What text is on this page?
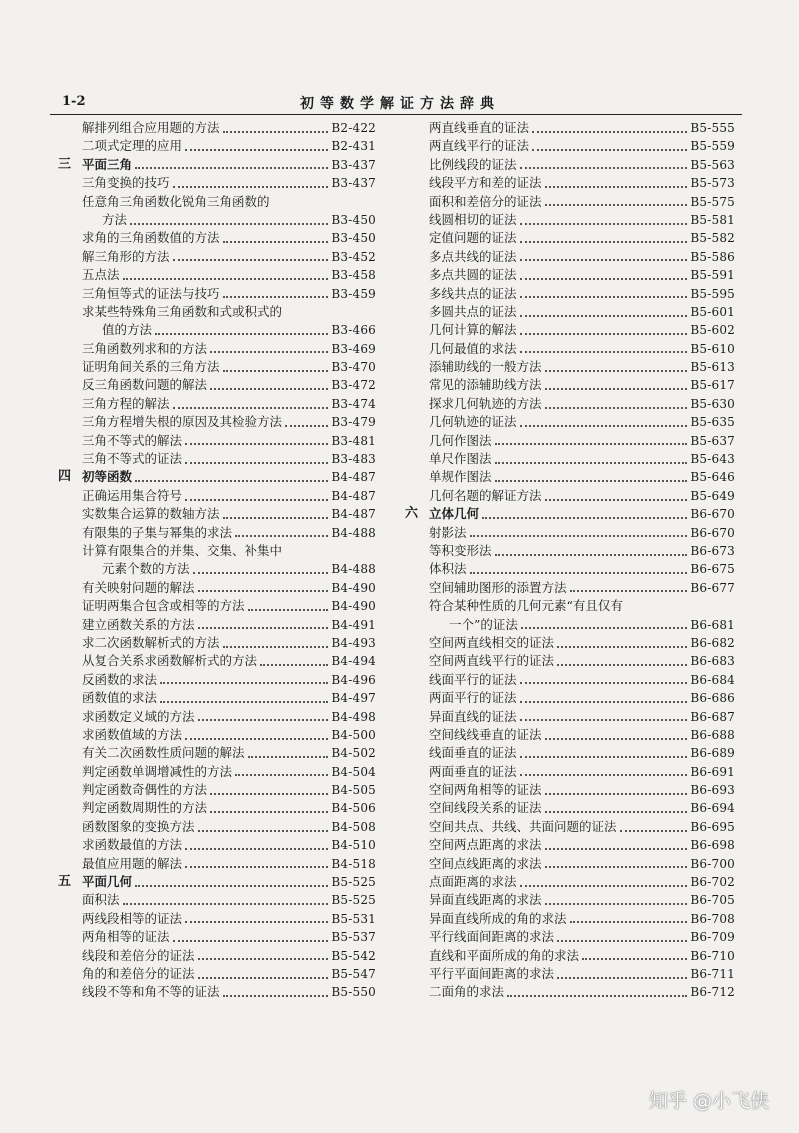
1-2	初等数学解证方法辞典
解排列组合应用题的方法	B2-422
二项式定理的应用	B2-431
三 平面三角	B3-437
三角变换的技巧	B3-437
任意角三角函数化锐角三角函数的
方法	B3-450
求角的三角函数值的方法	B3-450
解三角形的方法	B3-452
五点法	B3-458
三角恒等式的证法与技巧	B3-459
求某些特殊角三角函数和式或积式的
值的方法	B3-466
三角函数列求和的方法	B3-469
证明角间关系的三角方法	B3-470
反三角函数问题的解法	B3-472
三角方程的解法	B3-474
三角方程增失根的原因及其检验方法	B3-479
三角不等式的解法	B3-481
三角不等式的证法	B3-483
四 初等函数	B4-487
正确运用集合符号	B4-487
实数集合运算的数轴方法	B4-487
有限集的子集与幂集的求法	B4-488
计算有限集合的并集、交集、补集中
元素个数的方法	B4-488
有关映射问题的解法	B4-490
证明两集合包含或相等的方法	B4-490
建立函数关系的方法	B4-491
求二次函数解析式的方法	B4-493
从复合关系求函数解析式的方法	B4-494
反函数的求法	B4-496
函数值的求法	B4-497
求函数定义域的方法	B4-498
求函数值域的方法	B4-500
有关二次函数性质问题的解法	B4-502
判定函数单调增减性的方法	B4-504
判定函数奇偶性的方法	B4-505
判定函数周期性的方法	B4-506
函数图象的变换方法	B4-508
求函数最值的方法	B4-510
最值应用题的解法	B4-518
五 平面几何	B5-525
面积法	B5-525
两线段相等的证法	B5-531
两角相等的证法	B5-537
线段和差倍分的证法	B5-542
角的和差倍分的证法	B5-547
线段不等和角不等的证法	B5-550
两直线垂直的证法	B5-555
两直线平行的证法	B5-559
比例线段的证法	B5-563
线段平方和差的证法	B5-573
面积和差倍分的证法	B5-575
线圆相切的证法	B5-581
定值问题的证法	B5-582
多点共线的证法	B5-586
多点共圆的证法	B5-591
多线共点的证法	B5-595
多圆共点的证法	B5-601
几何计算的解法	B5-602
几何最值的求法	B5-610
添辅助线的一般方法	B5-613
常见的添辅助线方法	B5-617
探求几何轨迹的方法	B5-630
几何轨迹的证法	B5-635
几何作图法	B5-637
单尺作图法	B5-643
单规作图法	B5-646
几何名题的解证方法	B5-649
六 立体几何	B6-670
射影法	B6-670
等积变形法	B6-673
体积法	B6-675
空间辅助图形的添置方法	B6-677
符合某种性质的几何元素“有且仅有
一个”的证法	B6-681
空间两直线相交的证法	B6-682
空间两直线平行的证法	B6-683
线面平行的证法	B6-684
两面平行的证法	B6-686
异面直线的证法	B6-687
空间线线垂直的证法	B6-688
线面垂直的证法	B6-689
两面垂直的证法	B6-691
空间两角相等的证法	B6-693
空间线段关系的证法	B6-694
空间共点、共线、共面问题的证法	B6-695
空间两点距离的求法	B6-698
空间点线距离的求法	B6-700
点面距离的求法	B6-702
异面直线距离的求法	B6-705
异面直线所成的角的求法	B6-708
平行线面间距离的求法	B6-709
直线和平面所成的角的求法	B6-710
平行平面间距离的求法	B6-711
二面角的求法	B6-712
知乎 @小飞侠
